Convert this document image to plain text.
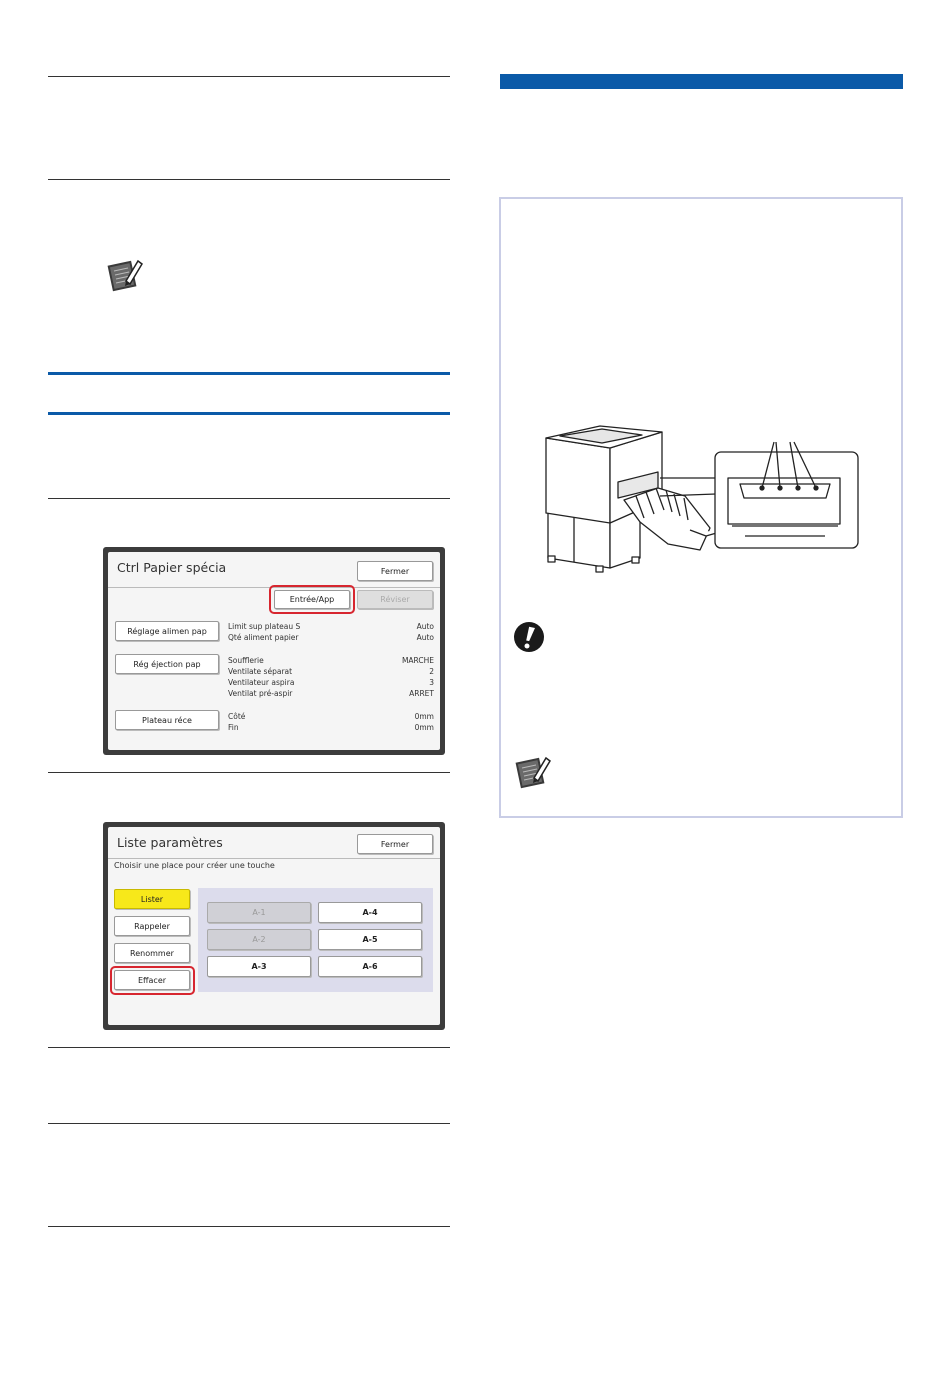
Ctrl Papier spécia	Fermer
Entrée/App	Réviser
Réglage alimen pap
Rég éjection pap
Plateau réce
Limit sup plateau S	Auto
Qté aliment papier	Auto
Soufflerie	MARCHE
Ventilate séparat	2
Ventilateur aspira	3
Ventilat pré-aspir	ARRET
Côté	0mm
Fin	0mm
Liste paramètres	Fermer
Choisir une place pour créer une touche
Lister
Rappeler
Renommer
Effacer
A-1	A-4
A-2	A-5
A-3	A-6
